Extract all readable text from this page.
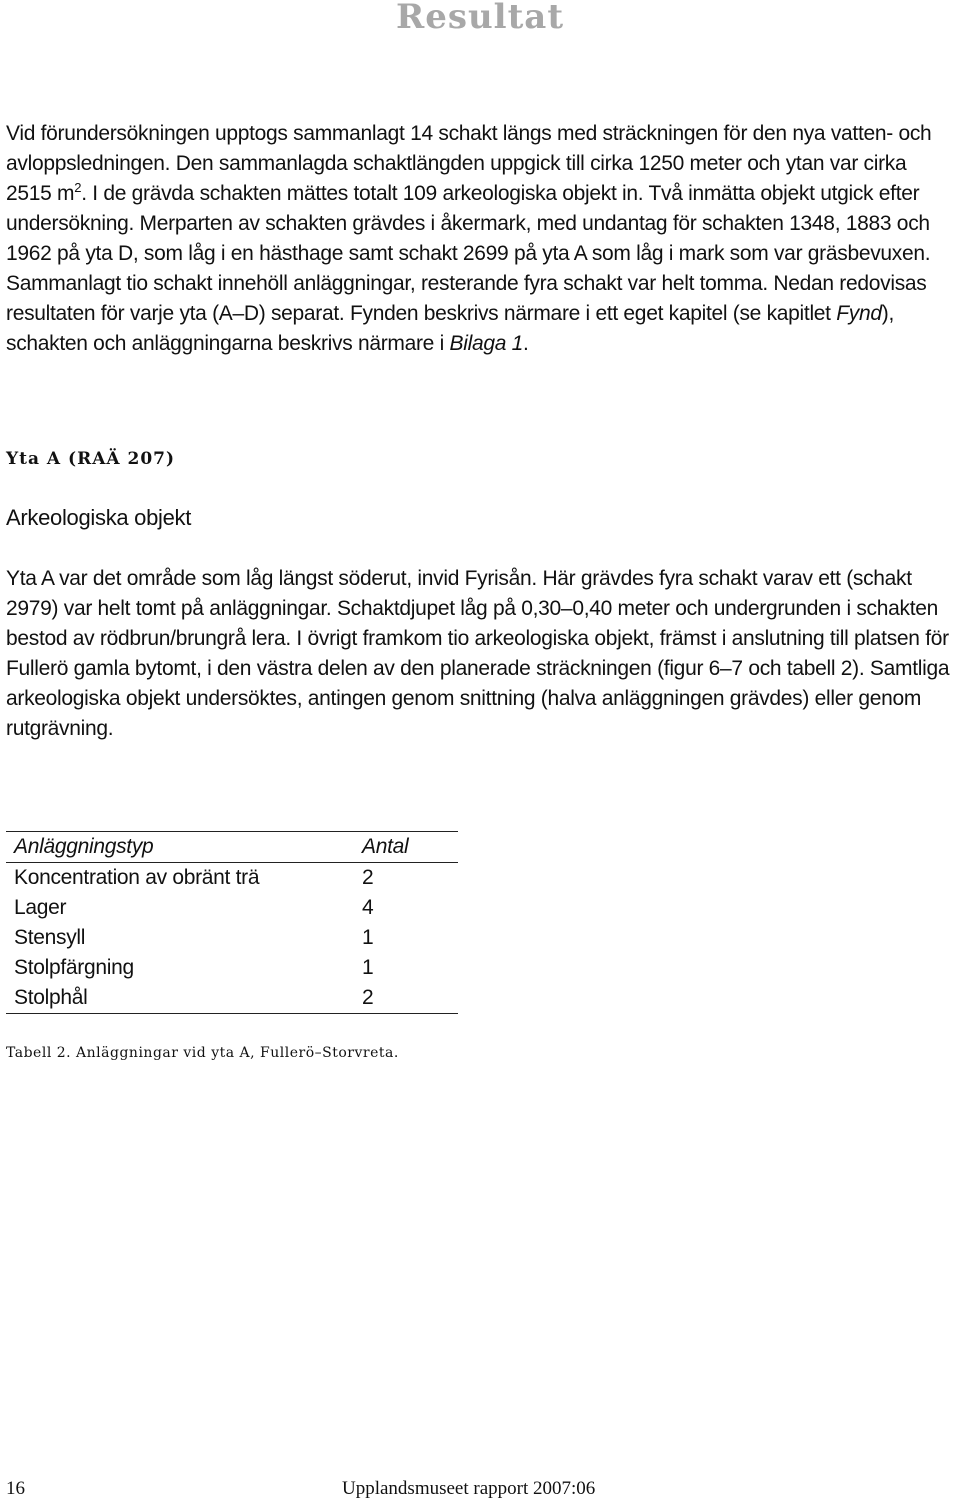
Resultat

Vid förundersökningen upptogs sammanlagt 14 schakt längs med sträckningen för den nya vatten- och avloppsledningen. Den sammanlagda schaktlängden uppgick till cirka 1250 meter och ytan var cirka 2515 $m^2$. I de grävda schakten mättes totalt 109 arkeologiska objekt in. Två inmätta objekt utgick efter undersökning. Merparten av schakten grävdes i åkermark, med undantag för schakten 1348, 1883 och 1962 på yta D, som låg i en hästhage samt schakt 2699 på yta A som låg i mark som var gräsbevuxen. Sammanlagt tio schakt innehöll anläggningar, resterande fyra schakt var helt tomma. Nedan redovisas resultaten för varje yta (A–D) separat. Fynden beskrivs närmare i ett eget kapitel (se kapitlet Fynd), schakten och anläggningarna beskrivs närmare i Bilaga 1.

Yta A (RAÄ 207)
Arkeologiska objekt

Yta A var det område som låg längst söderut, invid Fyrisån. Här grävdes fyra schakt varav ett (schakt 2979) var helt tomt på anläggningar. Schaktdjupet låg på 0,30–0,40 meter och undergrunden i schakten bestod av rödbrun/brungrå lera. I övrigt framkom tio arkeologiska objekt, främst i anslutning till platsen för Fullerö gamla bytomt, i den västra delen av den planerade sträckningen (figur 6–7 och tabell 2). Samtliga arkeologiska objekt undersöktes, antingen genom snittning (halva anläggningen grävdes) eller genom rutgrävning.

Anläggningstyp	Antal
Koncentration av obränt trä	2
Lager	4
Stensyll	1
Stolpfärgning	1
Stolphål	2
Tabell 2. Anläggningar vid yta A, Fullerö–Storvreta.
16	Upplandsmuseet rapport 2007:06
